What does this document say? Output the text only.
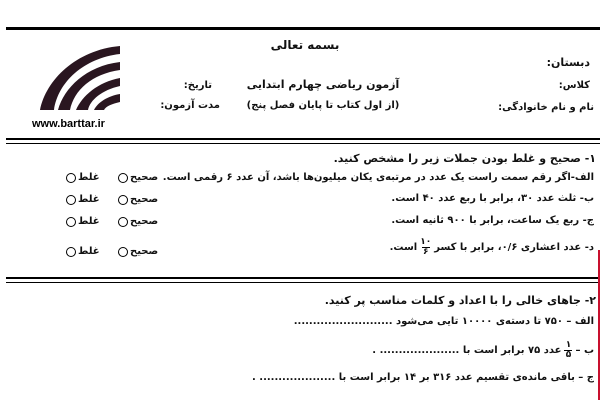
بسمه تعالی
دبستان:
آزمون ریاضی چهارم ابتدایی	کلاس:
تاریخ:
(از اول کتاب تا پایان فصل پنج)	نام و نام خانوادگی:
مدت آزمون:
www.barttar.ir
۱- صحیح و غلط بودن جملات زیر را مشخص کنید.
الف-اگر رقم سمت راست یک عدد در مرتبه‌ی یکان میلیون‌ها باشد، آن عدد ۶ رقمی است.
صحیح
غلط
ب- ثلث عدد ۳۰، برابر با ربع عدد ۴۰ است.
صحیح
غلط
ج- ربع یک ساعت، برابر با ۹۰۰ ثانیه است.
صحیح
غلط
د- عدد اعشاری ۰/۶، برابر با کسر
$\frac{۱۰}{۶}$
است.
صحیح
غلط
۲- جاهای خالی را با اعداد و کلمات مناسب پر کنید.
الف – ۷۵۰ تا دسته‌ی ۱۰۰۰۰ تایی می‌شود ..........................
ب –
$\frac{۱}{۵}$
عدد ۷۵ برابر است با ..................... .
ج – باقی مانده‌ی تقسیم عدد ۳۱۶ بر ۱۴ برابر است با .................... .
